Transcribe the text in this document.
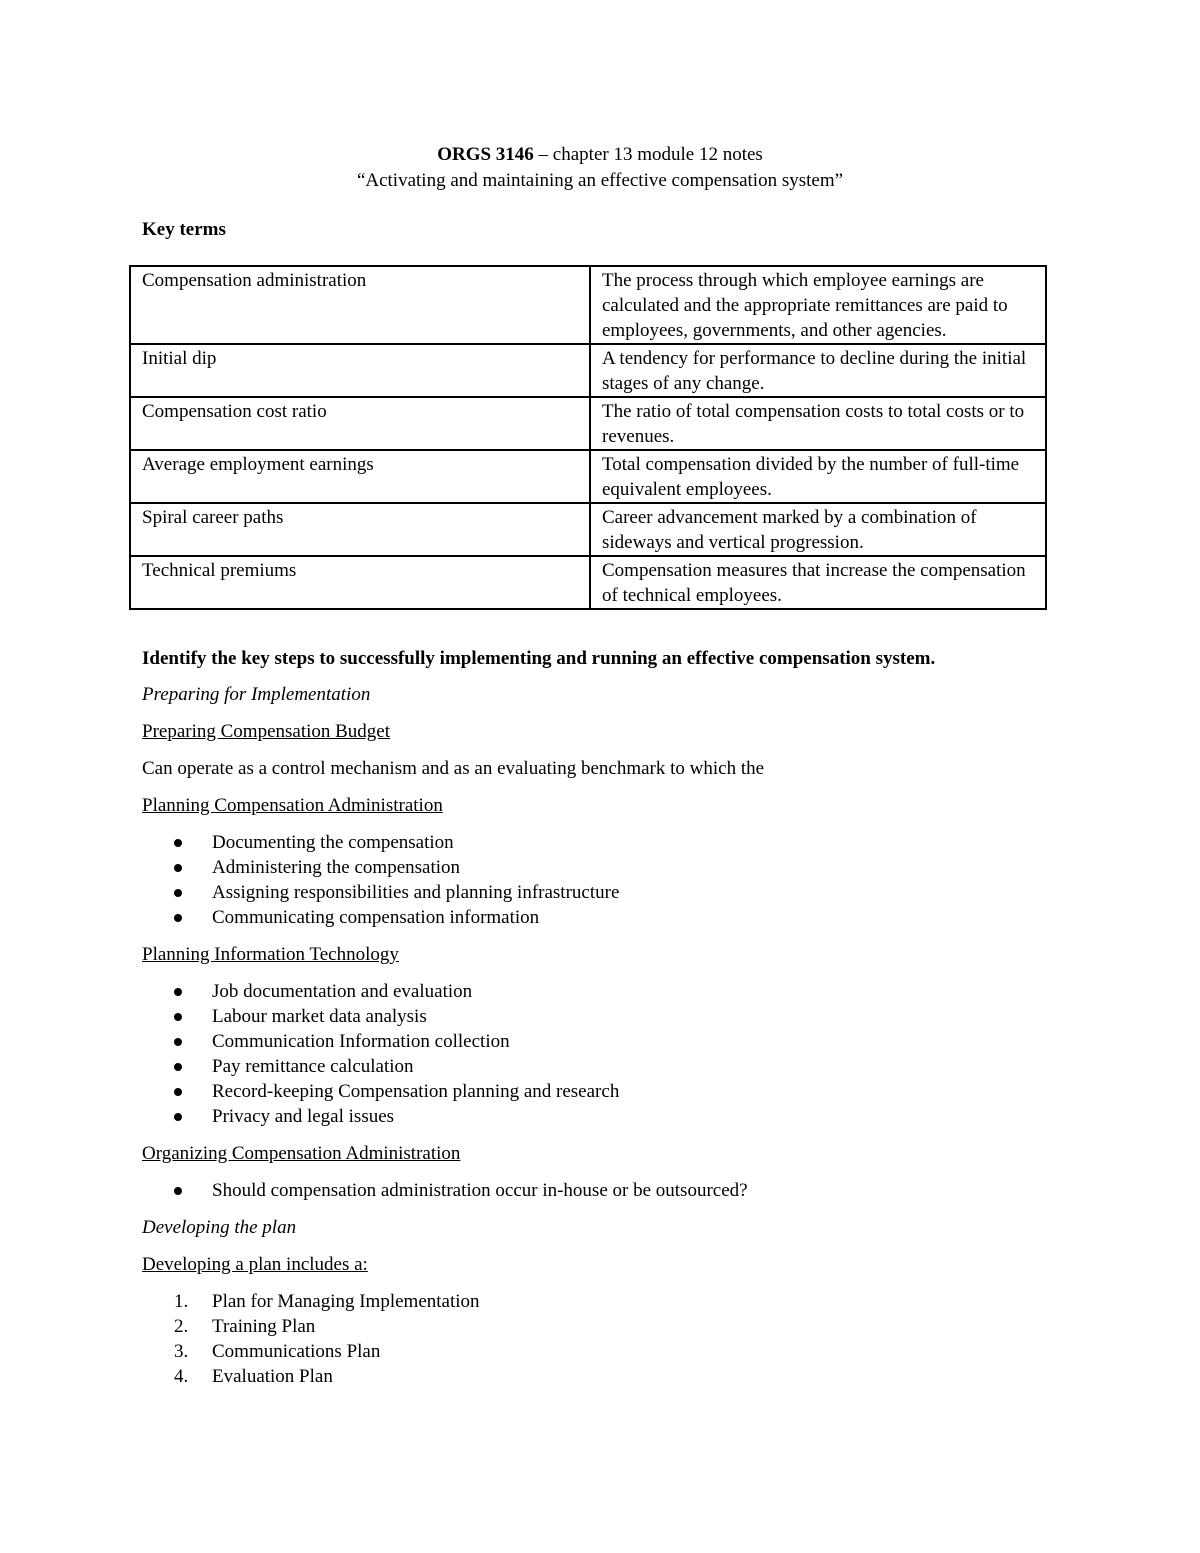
ORGS 3146 – chapter 13 module 12 notes
“Activating and maintaining an effective compensation system”
Key terms
Compensation administration	The process through which employee earnings are calculated and the appropriate remittances are paid to employees, governments, and other agencies.
Initial dip	A tendency for performance to decline during the initial stages of any change.
Compensation cost ratio	The ratio of total compensation costs to total costs or to revenues.
Average employment earnings	Total compensation divided by the number of full-time equivalent employees.
Spiral career paths	Career advancement marked by a combination of sideways and vertical progression.
Technical premiums	Compensation measures that increase the compensation of technical employees.
Identify the key steps to successfully implementing and running an effective compensation system.
Preparing for Implementation
Preparing Compensation Budget
Can operate as a control mechanism and as an evaluating benchmark to which the
Planning Compensation Administration
Documenting the compensation
Administering the compensation
Assigning responsibilities and planning infrastructure
Communicating compensation information
Planning Information Technology
Job documentation and evaluation
Labour market data analysis
Communication Information collection
Pay remittance calculation
Record-keeping Compensation planning and research
Privacy and legal issues
Organizing Compensation Administration
Should compensation administration occur in-house or be outsourced?
Developing the plan
Developing a plan includes a:
1. Plan for Managing Implementation
2. Training Plan
3. Communications Plan
4. Evaluation Plan
